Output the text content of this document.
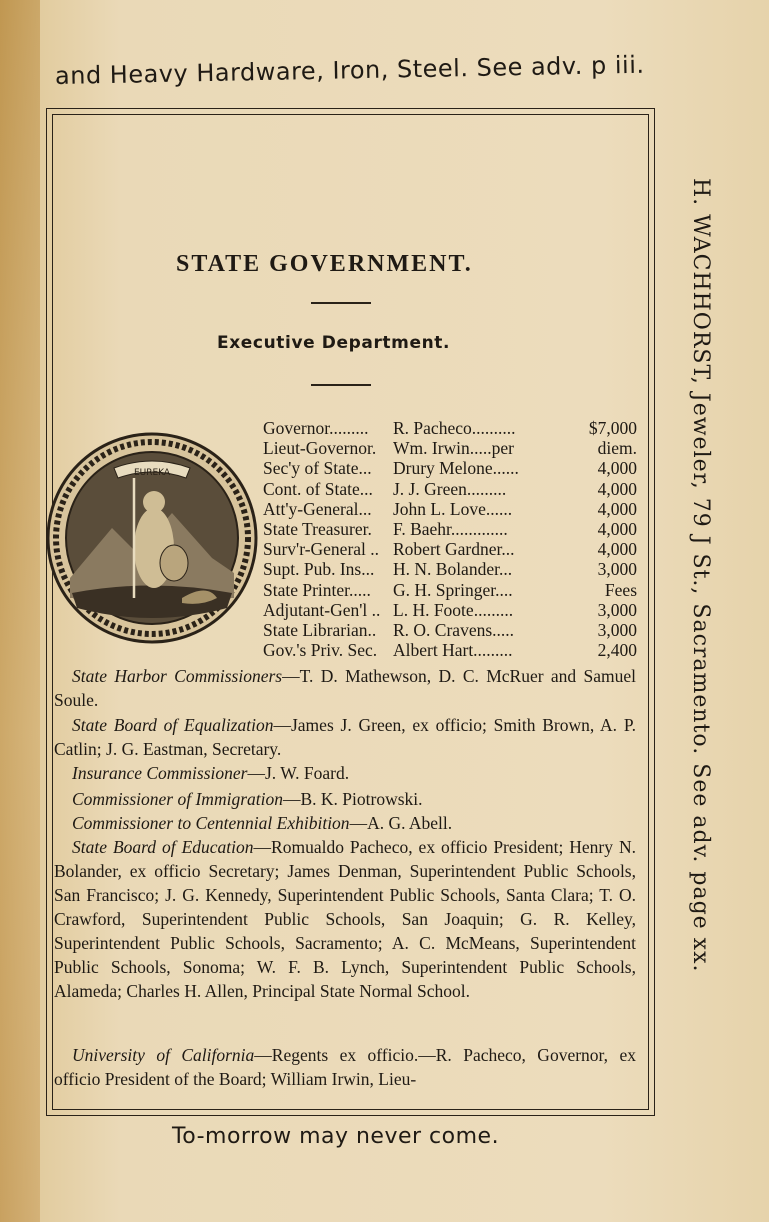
and Heavy Hardware, Iron, Steel. See adv. p iii.
H. WACHHORST, Jeweler, 79 J St., Sacramento. See adv. page xx.
STATE GOVERNMENT.
Executive Department.
EUREKA
Governor.........	R. Pacheco..........	$7,000
Lieut-Governor. Wm. Irwin.....per	diem.
Sec'y of State...	Drury Melone......	4,000
Cont. of State...	J. J. Green.........	4,000
Att'y-General...	John L. Love......	4,000
State Treasurer.	F. Baehr.............	4,000
Surv'r-General .. Robert Gardner...	4,000
Supt. Pub. Ins...	H. N. Bolander...	3,000
State Printer.....	G. H. Springer....	Fees
Adjutant-Gen'l .. L. H. Foote.........	3,000
State Librarian.. R. O. Cravens.....	3,000
Gov.'s Priv. Sec. Albert Hart.........	2,400
State Harbor Commissioners—T. D. Mathewson, D. C. McRuer and Samuel Soule.
State Board of Equalization—James J. Green, ex officio; Smith Brown, A. P. Catlin; J. G. Eastman, Secretary.
Insurance Commissioner—J. W. Foard.
Commissioner of Immigration—B. K. Piotrowski.
Commissioner to Centennial Exhibition—A. G. Abell.
State Board of Education—Romualdo Pacheco, ex officio President; Henry N. Bolander, ex officio Secretary; James Denman, Superintendent Public Schools, San Francisco; J. G. Kennedy, Superintendent Public Schools, Santa Clara; T. O. Crawford, Superintendent Public Schools, San Joaquin; G. R. Kelley, Superintendent Public Schools, Sacramento; A. C. McMeans, Superintendent Public Schools, Sonoma; W. F. B. Lynch, Superintendent Public Schools, Alameda; Charles H. Allen, Principal State Normal School.
University of California—Regents ex officio.—R. Pacheco, Governor, ex officio President of the Board; William Irwin, Lieu-
To-morrow may never come.
